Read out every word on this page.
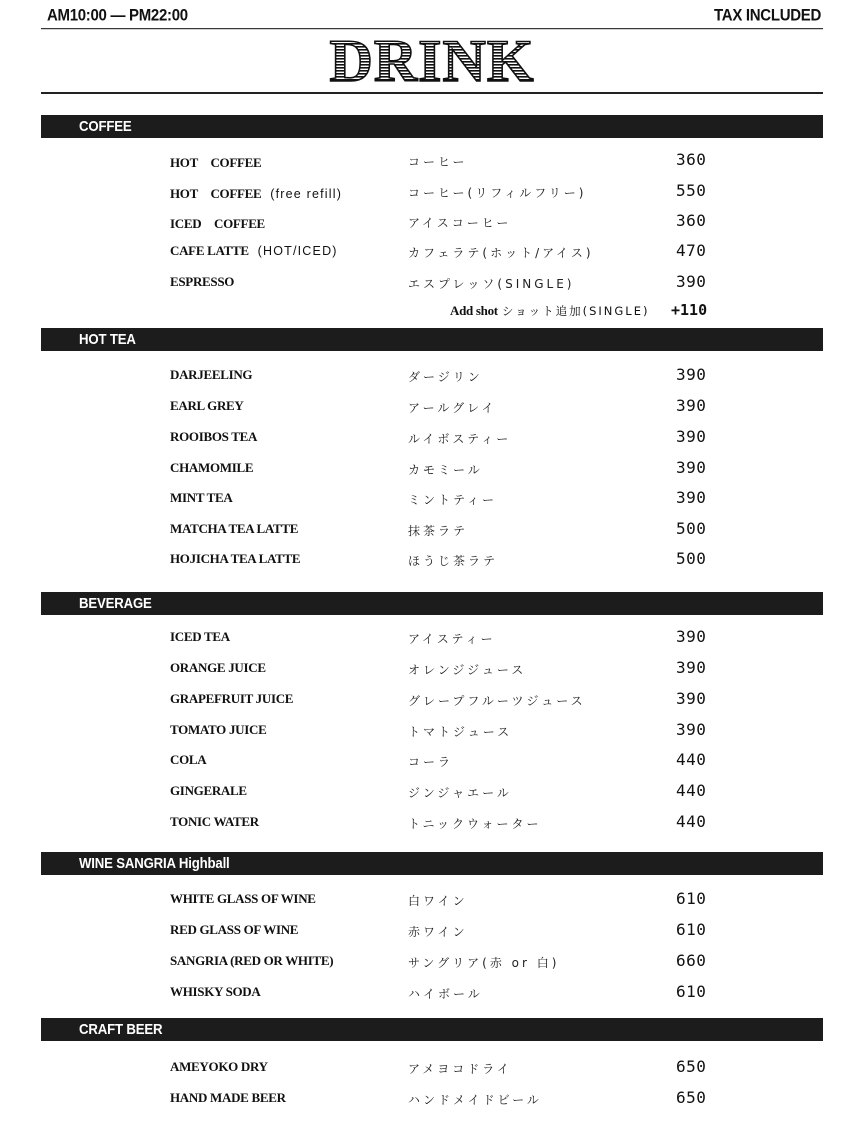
AM10:00 ― PM22:00	TAX INCLUDED
DRINK
COFFEE
HOT　COFFEE	コーヒー	360
HOT　COFFEE (free refill)	コーヒー(リフィルフリー)	550
ICED　COFFEE	アイスコーヒー	360
CAFE LATTE (HOT/ICED)	カフェラテ(ホット/アイス)	470
ESPRESSO	エスプレッソ(SINGLE)	390
Add shot ショット追加(SINGLE) +110
HOT TEA
DARJEELING	ダージリン	390
EARL GREY	アールグレイ	390
ROOIBOS TEA	ルイボスティー	390
CHAMOMILE	カモミール	390
MINT TEA	ミントティー	390
MATCHA TEA LATTE	抹茶ラテ	500
HOJICHA TEA LATTE	ほうじ茶ラテ	500
BEVERAGE
ICED TEA	アイスティー	390
ORANGE JUICE	オレンジジュース	390
GRAPEFRUIT JUICE	グレープフルーツジュース	390
TOMATO JUICE	トマトジュース	390
COLA	コーラ	440
GINGERALE	ジンジャエール	440
TONIC WATER	トニックウォーター	440
WINE SANGRIA Highball
WHITE GLASS OF WINE	白ワイン	610
RED GLASS OF WINE	赤ワイン	610
SANGRIA (RED OR WHITE)	サングリア(赤 or 白)	660
WHISKY SODA	ハイボール	610
CRAFT BEER
AMEYOKO DRY	アメヨコドライ	650
HAND MADE BEER	ハンドメイドビール	650
